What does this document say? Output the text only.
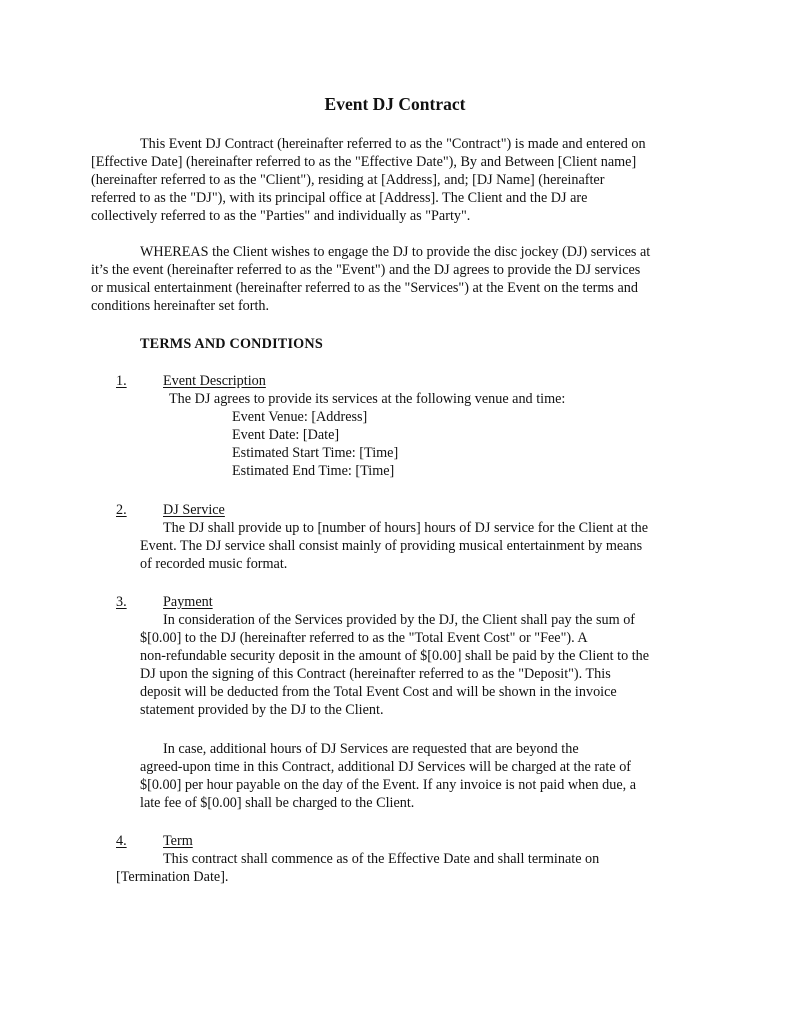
Event DJ Contract
This Event DJ Contract (hereinafter referred to as the "Contract") is made and entered on
[Effective Date] (hereinafter referred to as the "Effective Date"), By and Between [Client name]
(hereinafter referred to as the "Client"), residing at [Address], and; [DJ Name] (hereinafter
referred to as the "DJ"), with its principal office at [Address]. The Client and the DJ are
collectively referred to as the "Parties" and individually as "Party".
WHEREAS the Client wishes to engage the DJ to provide the disc jockey (DJ) services at
it’s the event (hereinafter referred to as the "Event") and the DJ agrees to provide the DJ services
or musical entertainment (hereinafter referred to as the "Services") at the Event on the terms and
conditions hereinafter set forth.
TERMS AND CONDITIONS
1.	Event Description
The DJ agrees to provide its services at the following venue and time:
Event Venue: [Address]
Event Date: [Date]
Estimated Start Time: [Time]
Estimated End Time: [Time]
2.	DJ Service
The DJ shall provide up to [number of hours] hours of DJ service for the Client at the
Event. The DJ service shall consist mainly of providing musical entertainment by means
of recorded music format.
3.	Payment
In consideration of the Services provided by the DJ, the Client shall pay the sum of
$[0.00] to the DJ (hereinafter referred to as the "Total Event Cost" or "Fee"). A
non-refundable security deposit in the amount of $[0.00] shall be paid by the Client to the
DJ upon the signing of this Contract (hereinafter referred to as the "Deposit"). This
deposit will be deducted from the Total Event Cost and will be shown in the invoice
statement provided by the DJ to the Client.
In case, additional hours of DJ Services are requested that are beyond the
agreed-upon time in this Contract, additional DJ Services will be charged at the rate of
$[0.00] per hour payable on the day of the Event. If any invoice is not paid when due, a
late fee of $[0.00] shall be charged to the Client.
4.	Term
This contract shall commence as of the Effective Date and shall terminate on
[Termination Date].
